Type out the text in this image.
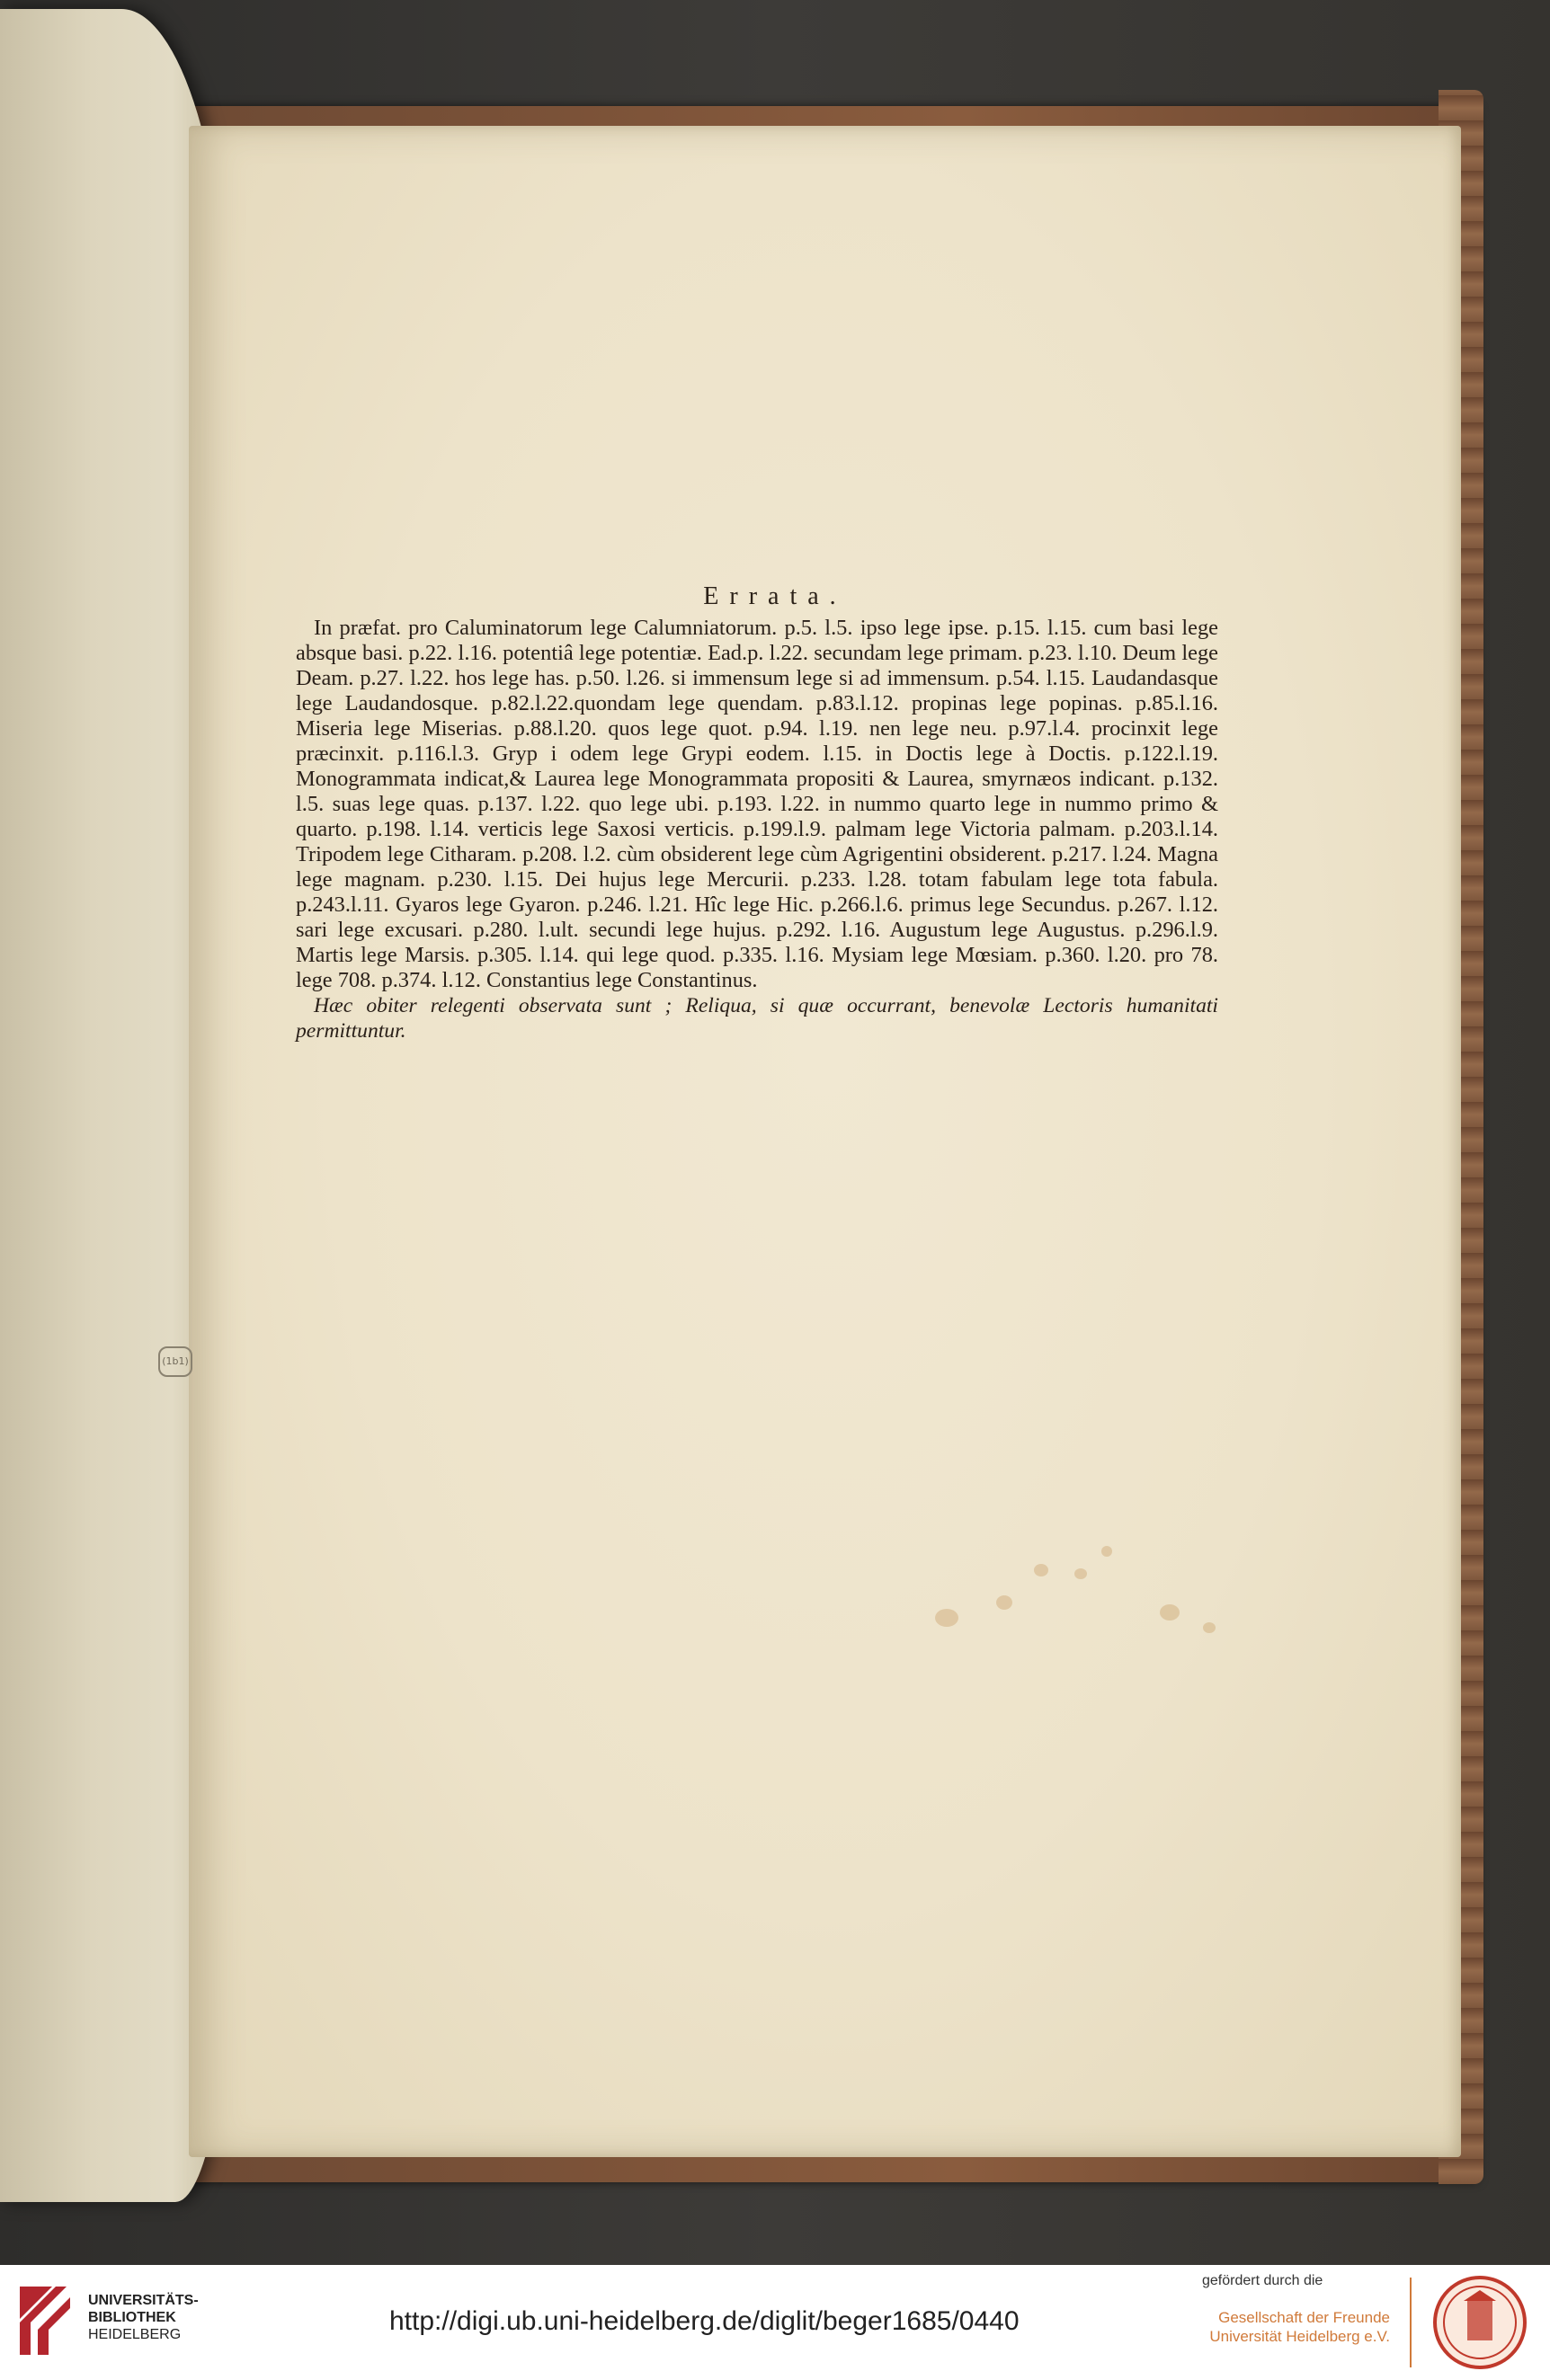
(1b1)
Errata.

In præfat. pro Caluminatorum lege Calumniatorum. p.5. l.5. ipso lege ipse. p.15. l.15. cum basi lege absque basi. p.22. l.16. potentiâ lege potentiæ. Ead.p. l.22. secundam lege primam. p.23. l.10. Deum lege Deam. p.27. l.22. hos lege has. p.50. l.26. si immensum lege si ad immensum. p.54. l.15. Laudandasque lege Laudandosque. p.82.l.22.quondam lege quendam. p.83.l.12. propinas lege popinas. p.85.l.16. Miseria lege Miserias. p.88.l.20. quos lege quot. p.94. l.19. nen lege neu. p.97.l.4. procinxit lege præcinxit. p.116.l.3. Gryp i odem lege Grypi eodem. l.15. in Doctis lege à Doctis. p.122.l.19. Monogrammata indicat,& Laurea lege Monogrammata propositi & Laurea, smyrnæos indicant. p.132. l.5. suas lege quas. p.137. l.22. quo lege ubi. p.193. l.22. in nummo quarto lege in nummo primo & quarto. p.198. l.14. verticis lege Saxosi verticis. p.199.l.9. palmam lege Victoria palmam. p.203.l.14. Tripodem lege Citharam. p.208. l.2. cùm obsiderent lege cùm Agrigentini obsiderent. p.217. l.24. Magna lege magnam. p.230. l.15. Dei hujus lege Mercurii. p.233. l.28. totam fabulam lege tota fabula. p.243.l.11. Gyaros lege Gyaron. p.246. l.21. Hîc lege Hic. p.266.l.6. primus lege Secundus. p.267. l.12. sari lege excusari. p.280. l.ult. secundi lege hujus. p.292. l.16. Augustum lege Augustus. p.296.l.9. Martis lege Marsis. p.305. l.14. qui lege quod. p.335. l.16. Mysiam lege Mœsiam. p.360. l.20. pro 78. lege 708. p.374. l.12. Constantius lege Constantinus.

Hæc obiter relegenti observata sunt ; Reliqua, si quæ occurrant, benevolæ Lectoris humanitati permittuntur.

UNIVERSITÄTS-
BIBLIOTHEK
HEIDELBERG	http://digi.ub.uni-heidelberg.de/diglit/beger1685/0440
gefördert durch die
Gesellschaft der Freunde
Universität Heidelberg e.V.
